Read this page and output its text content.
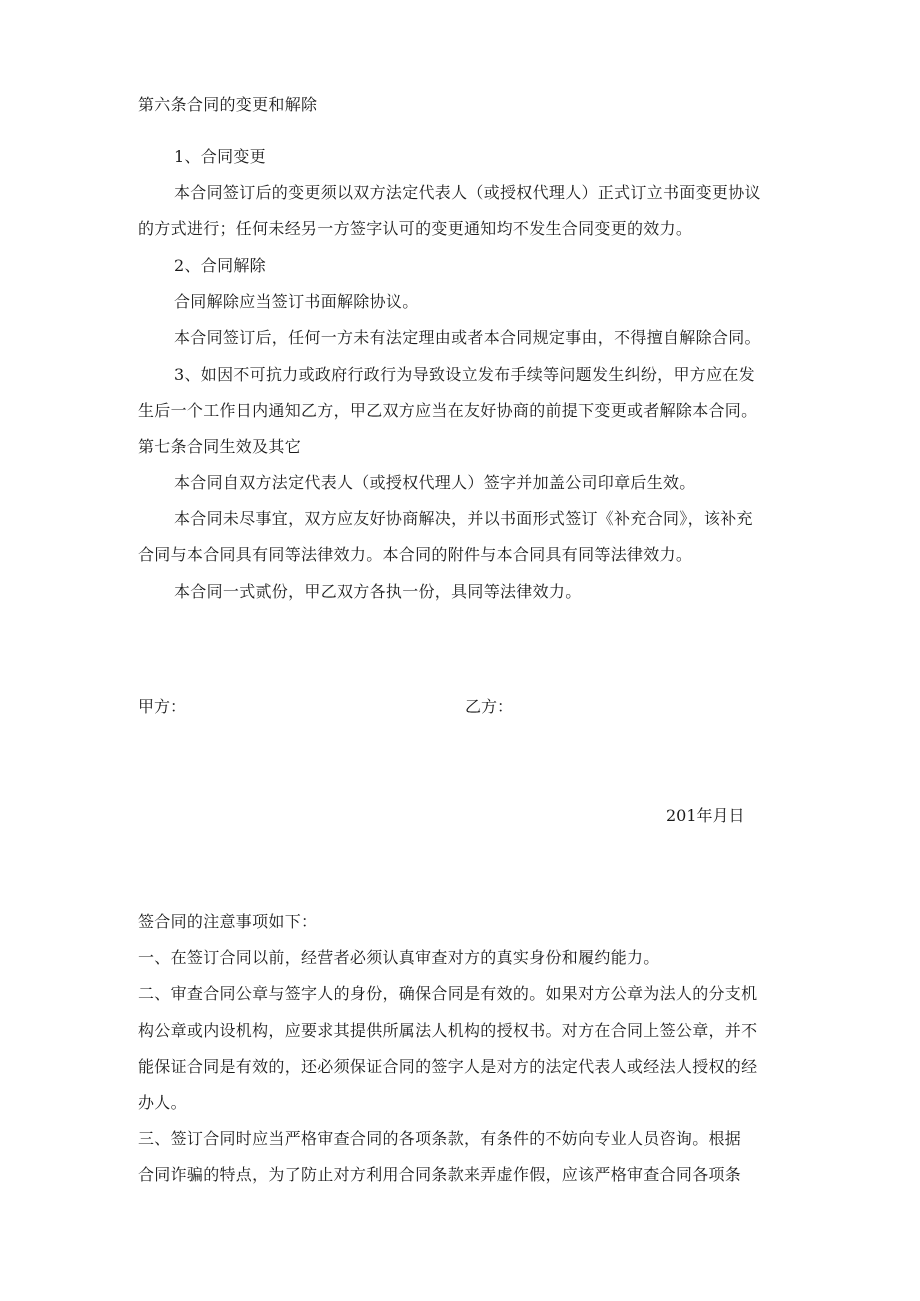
第六条合同的变更和解除
1、合同变更
本合同签订后的变更须以双方法定代表人（或授权代理人）正式订立书面变更协议
的方式进行；任何未经另一方签字认可的变更通知均不发生合同变更的效力。
2、合同解除
合同解除应当签订书面解除协议。
本合同签订后，任何一方未有法定理由或者本合同规定事由，不得擅自解除合同。
3、如因不可抗力或政府行政行为导致设立发布手续等问题发生纠纷，甲方应在发
生后一个工作日内通知乙方，甲乙双方应当在友好协商的前提下变更或者解除本合同。
第七条合同生效及其它
本合同自双方法定代表人（或授权代理人）签字并加盖公司印章后生效。
本合同未尽事宜，双方应友好协商解决，并以书面形式签订《补充合同》，该补充
合同与本合同具有同等法律效力。本合同的附件与本合同具有同等法律效力。
本合同一式贰份，甲乙双方各执一份，具同等法律效力。
甲方：	乙方：
201年月日
签合同的注意事项如下：
一、在签订合同以前，经营者必须认真审查对方的真实身份和履约能力。
二、审查合同公章与签字人的身份，确保合同是有效的。如果对方公章为法人的分支机
构公章或内设机构，应要求其提供所属法人机构的授权书。对方在合同上签公章，并不
能保证合同是有效的，还必须保证合同的签字人是对方的法定代表人或经法人授权的经
办人。
三、签订合同时应当严格审查合同的各项条款，有条件的不妨向专业人员咨询。根据
合同诈骗的特点，为了防止对方利用合同条款来弄虚作假，应该严格审查合同各项条
